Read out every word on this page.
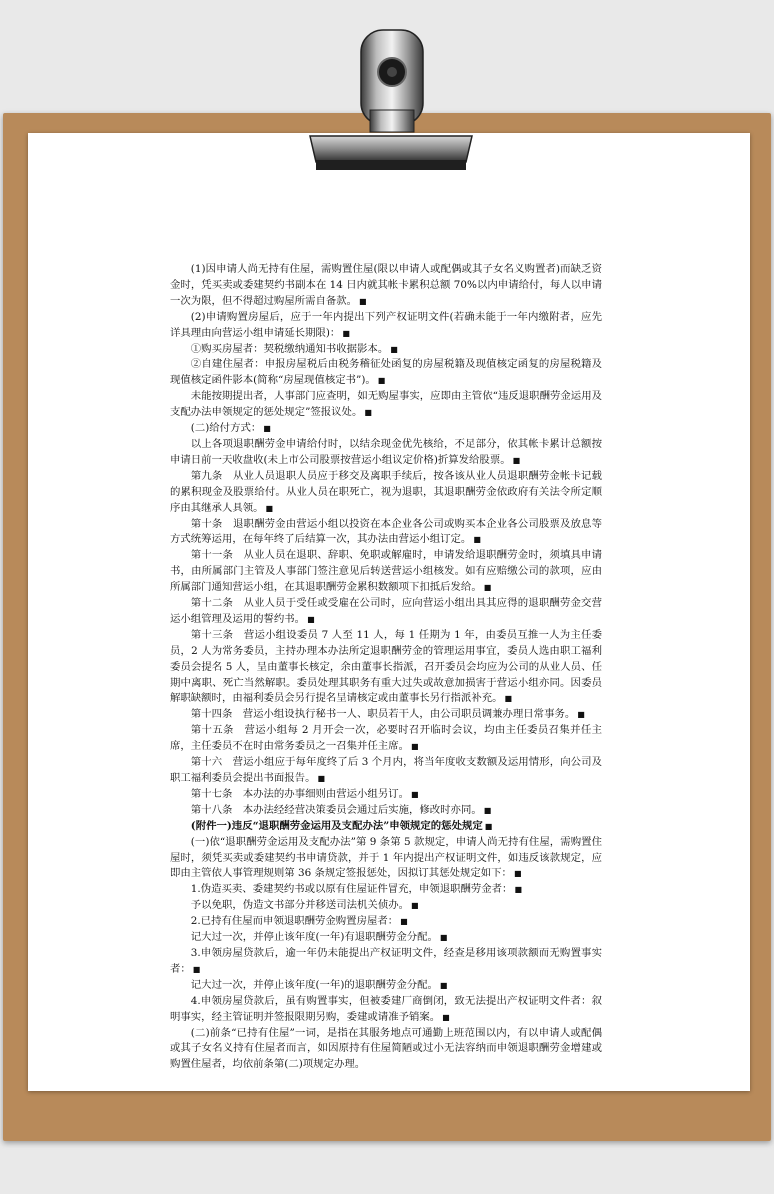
(1)因申请人尚无持有住屋，需购置住屋(限以申请人或配偶或其子女名义购置者)而缺乏资金时，凭买卖或委建契约书副本在 14 日内就其帐卡累积总额 70%以内申请给付，每人以申请一次为限，但不得超过购屋所需自备款。 ■

(2)申请购置房屋后，应于一年内提出下列产权证明文件(若确未能于一年内缴附者，应先详具理由向营运小组申请延长期限)： ■

①购买房屋者：契税缴纳通知书收据影本。 ■

②自建住屋者：申报房屋税后由税务稽征处函复的房屋税籍及现值核定函复的房屋税籍及现值核定函件影本(简称“房屋现值核定书”)。 ■

未能按期提出者，人事部门应查明，如无购屋事实，应即由主管依“违反退职酬劳金运用及支配办法申领规定的惩处规定”签报议处。 ■

(二)给付方式： ■

以上各项退职酬劳金申请给付时，以结余现金优先核给，不足部分，依其帐卡累计总额按申请日前一天收盘收(未上市公司股票按营运小组议定价格)折算发给股票。 ■

第九条　从业人员退职人员应于移交及离职手续后，按各该从业人员退职酬劳金帐卡记载的累积现金及股票给付。从业人员在职死亡，视为退职，其退职酬劳金依政府有关法令所定顺序由其继承人具领。 ■

第十条　退职酬劳金由营运小组以投资在本企业各公司或购买本企业各公司股票及放息等方式统筹运用，在每年终了后结算一次，其办法由营运小组订定。 ■

第十一条　从业人员在退职、辞职、免职或解雇时，申请发给退职酬劳金时，须填具申请书，由所属部门主管及人事部门签注意见后转送营运小组核发。如有应赔缴公司的款项，应由所属部门通知营运小组，在其退职酬劳金累积数额项下扣抵后发给。 ■

第十二条　从业人员于受任或受雇在公司时，应向营运小组出具其应得的退职酬劳金交营运小组管理及运用的誓约书。 ■

第十三条　营运小组设委员 7 人至 11 人，每 1 任期为 1 年，由委员互推一人为主任委员，2 人为常务委员，主持办理本办法所定退职酬劳金的管理运用事宜，委员人选由职工福利委员会提名 5 人，呈由董事长核定，余由董事长指派，召开委员会均应为公司的从业人员、任期中离职、死亡当然解职。委员处理其职务有重大过失或故意加损害于营运小组亦同。因委员解职缺额时，由福利委员会另行提名呈请核定或由董事长另行指派补充。 ■

第十四条　营运小组设执行秘书一人、职员若干人，由公司职员调兼办理日常事务。 ■

第十五条　营运小组每 2 月开会一次，必要时召开临时会议，均由主任委员召集并任主席，主任委员不在时由常务委员之一召集并任主席。 ■

第十六　营运小组应于每年度终了后 3 个月内，将当年度收支数额及运用情形，向公司及职工福利委员会提出书面报告。 ■

第十七条　本办法的办事细则由营运小组另订。 ■

第十八条　本办法经经营决策委员会通过后实施，修改时亦同。 ■

(附件一)违反“退职酬劳金运用及支配办法”申领规定的惩处规定 ■

(一)依“退职酬劳金运用及支配办法”第 9 条第 5 款规定，申请人尚无持有住屋，需购置住屋时，须凭买卖或委建契约书申请贷款，并于 1 年内提出产权证明文件，如违反该款规定，应即由主管依人事管理规则第 36 条规定签报惩处，因拟订其惩处规定如下： ■

1.伪造买卖、委建契约书或以原有住屋证件冒充，申领退职酬劳金者： ■

予以免职，伪造文书部分并移送司法机关侦办。 ■

2.已持有住屋而申领退职酬劳金购置房屋者： ■

记大过一次，并停止该年度(一年)有退职酬劳金分配。 ■

3.申领房屋贷款后，逾一年仍未能提出产权证明文件，经查是移用该项款额而无购置事实者： ■

记大过一次，并停止该年度(一年)的退职酬劳金分配。 ■

4.申领房屋贷款后，虽有购置事实，但被委建厂商倒闭，致无法提出产权证明文件者：叙明事实，经主管证明并签报限期另购，委建或请准予销案。 ■

(二)前条“已持有住屋”一词，是指在其服务地点可通勤上班范围以内，有以申请人或配偶或其子女名义持有住屋者而言，如因原持有住屋简陋或过小无法容纳而申领退职酬劳金增建或购置住屋者，均依前条第(二)项规定办理。
